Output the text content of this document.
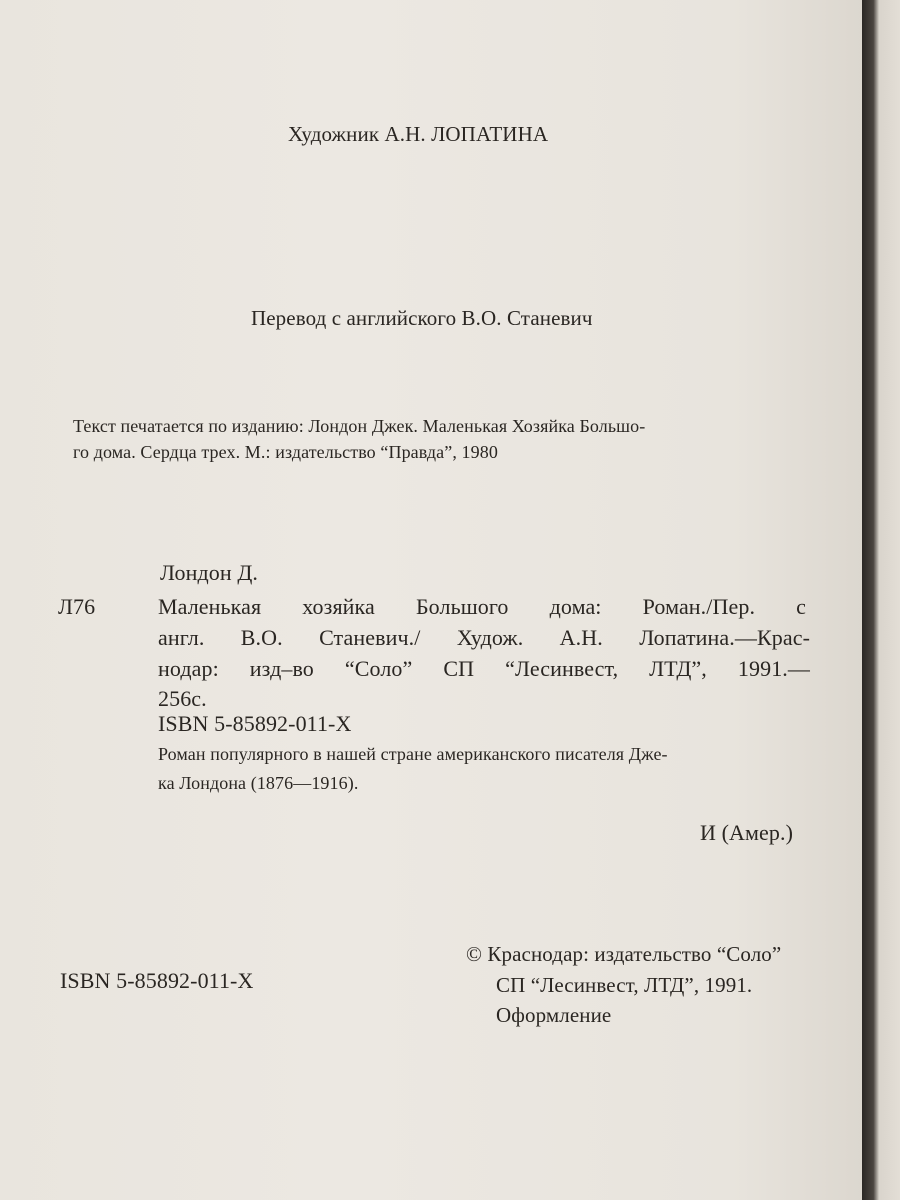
Художник А.Н. ЛОПАТИНА
Перевод с английского В.О. Станевич
Текст печатается по изданию: Лондон Джек. Маленькая Хозяйка Большо-
го дома. Сердца трех. М.: издательство “Правда”, 1980
Лондон Д.
Л76	Маленькая хозяйка Большого дома: Роман./Пер. с
англ. В.О. Станевич./ Худож. А.Н. Лопатина.—Крас-
нодар: изд–во “Соло” СП “Лесинвест, ЛТД”, 1991.—
256с.
ISBN 5-85892-011-X
Роман популярного в нашей стране американского писателя Дже-
ка Лондона (1876—1916).
И (Амер.)
ISBN 5-85892-011-X
© Краснодар: издательство “Соло”
СП “Лесинвест, ЛТД”, 1991.
Оформление
